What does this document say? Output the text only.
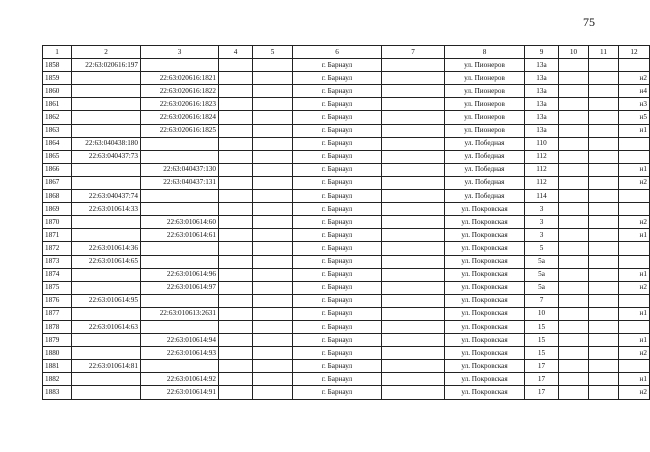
75
1	2	3	4	5	6	7	8	9	10	11	12
1858	22:63:020616:197				г. Барнаул		ул. Пионеров	13а			
1859		22:63:020616:1821			г. Барнаул		ул. Пионеров	13а			н2
1860		22:63:020616:1822			г. Барнаул		ул. Пионеров	13а			н4
1861		22:63:020616:1823			г. Барнаул		ул. Пионеров	13а			н3
1862		22:63:020616:1824			г. Барнаул		ул. Пионеров	13а			н5
1863		22:63:020616:1825			г. Барнаул		ул. Пионеров	13а			н1
1864	22:63:040438:180				г. Барнаул		ул. Победная	110			
1865	22:63:040437:73				г. Барнаул		ул. Победная	112			
1866		22:63:040437:130			г. Барнаул		ул. Победная	112			н1
1867		22:63:040437:131			г. Барнаул		ул. Победная	112			н2
1868	22:63:040437:74				г. Барнаул		ул. Победная	114			
1869	22:63:010614:33				г. Барнаул		ул. Покровская	3			
1870		22:63:010614:60			г. Барнаул		ул. Покровская	3			н2
1871		22:63:010614:61			г. Барнаул		ул. Покровская	3			н1
1872	22:63:010614:36				г. Барнаул		ул. Покровская	5			
1873	22:63:010614:65				г. Барнаул		ул. Покровская	5а			
1874		22:63:010614:96			г. Барнаул		ул. Покровская	5а			н1
1875		22:63:010614:97			г. Барнаул		ул. Покровская	5а			н2
1876	22:63:010614:95				г. Барнаул		ул. Покровская	7			
1877		22:63:010613:2631			г. Барнаул		ул. Покровская	10			н1
1878	22:63:010614:63				г. Барнаул		ул. Покровская	15			
1879		22:63:010614:94			г. Барнаул		ул. Покровская	15			н1
1880		22:63:010614:93			г. Барнаул		ул. Покровская	15			н2
1881	22:63:010614:81				г. Барнаул		ул. Покровская	17			
1882		22:63:010614:92			г. Барнаул		ул. Покровская	17			н1
1883		22:63:010614:91			г. Барнаул		ул. Покровская	17			н2
